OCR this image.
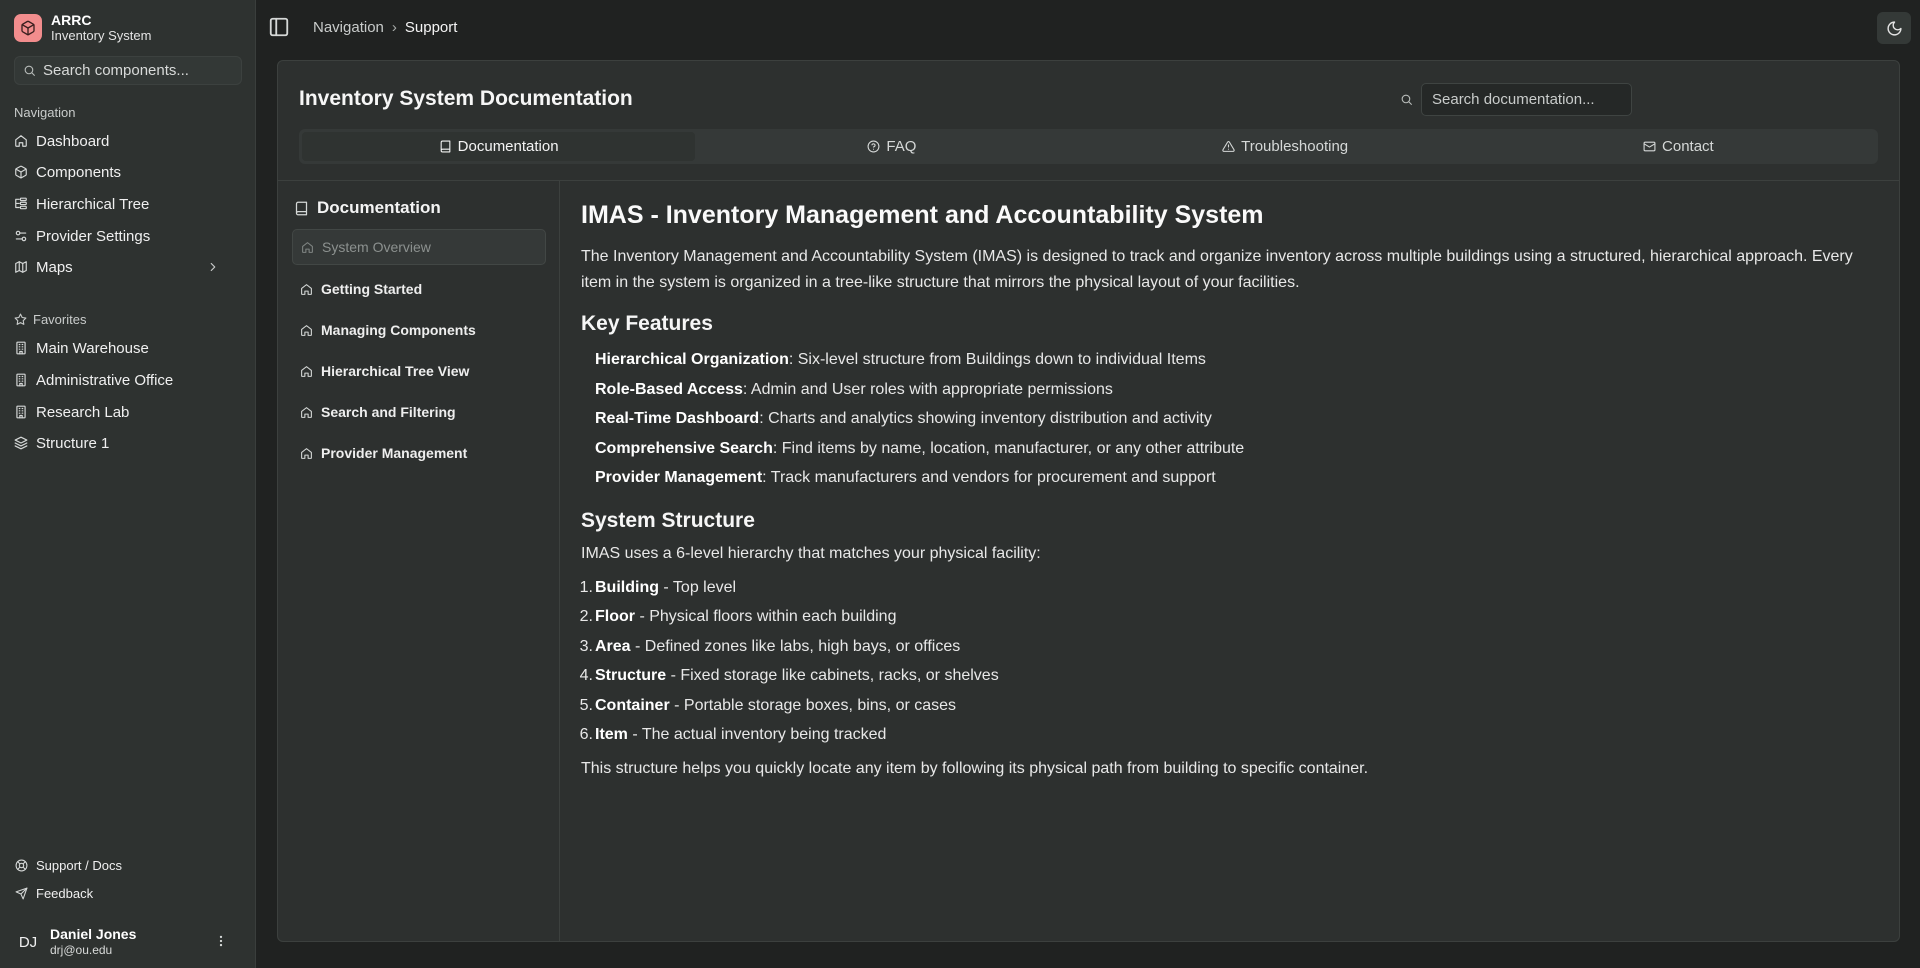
ARRC
Inventory System
Search components...
Navigation
Dashboard
Components
Hierarchical Tree
Provider Settings
Maps
Favorites
Main Warehouse
Administrative Office
Research Lab
Structure 1
Support / Docs
Feedback
DJ Daniel Jones
drj@ou.edu
Navigation › Support
Inventory System Documentation
Search documentation...
Documentation	FAQ	Troubleshooting	Contact
Documentation
System Overview
Getting Started
Managing Components
Hierarchical Tree View
Search and Filtering
Provider Management
IMAS - Inventory Management and Accountability System

The Inventory Management and Accountability System (IMAS) is designed to track and organize inventory across multiple buildings using a structured, hierarchical approach. Every item in the system is organized in a tree-like structure that mirrors the physical layout of your facilities.

Key Features
Hierarchical Organization: Six-level structure from Buildings down to individual Items
Role-Based Access: Admin and User roles with appropriate permissions
Real-Time Dashboard: Charts and analytics showing inventory distribution and activity
Comprehensive Search: Find items by name, location, manufacturer, or any other attribute
Provider Management: Track manufacturers and vendors for procurement and support
System Structure

IMAS uses a 6-level hierarchy that matches your physical facility:

1. Building - Top level
2. Floor - Physical floors within each building
3. Area - Defined zones like labs, high bays, or offices
4. Structure - Fixed storage like cabinets, racks, or shelves
5. Container - Portable storage boxes, bins, or cases
6. Item - The actual inventory being tracked

This structure helps you quickly locate any item by following its physical path from building to specific container.
